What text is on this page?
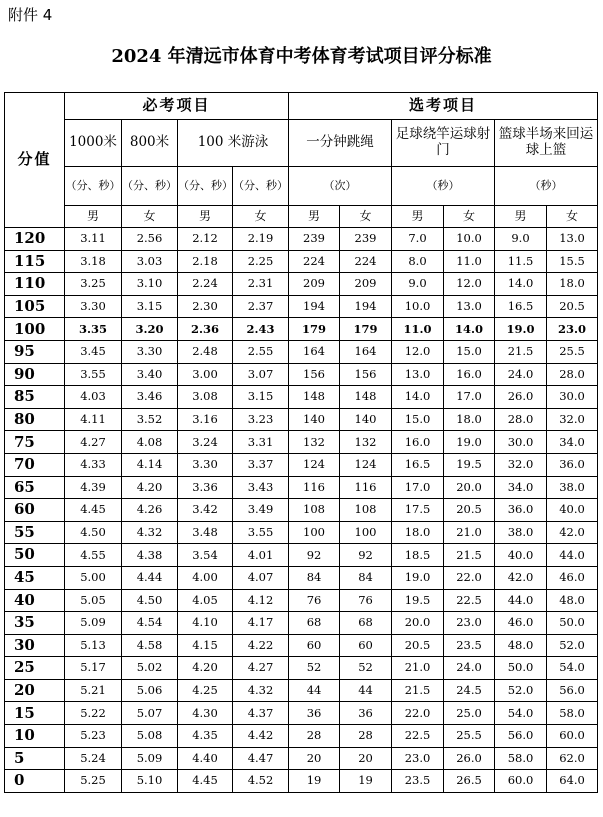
附件 4
2024 年清远市体育中考体育考试项目评分标准
分值	必考项目				选考项目					
	1000米	800米	100 米游泳		一分钟跳绳		足球绕竿运球射门		篮球半场来回运球上篮	
	（分、秒）	（分、秒）	（分、秒）	（分、秒）	（次）		（秒）		（秒）	
	男	女	男	女	男	女	男	女	男	女
120	3.11	2.56	2.12	2.19	239	239	7.0	10.0	9.0	13.0
115	3.18	3.03	2.18	2.25	224	224	8.0	11.0	11.5	15.5
110	3.25	3.10	2.24	2.31	209	209	9.0	12.0	14.0	18.0
105	3.30	3.15	2.30	2.37	194	194	10.0	13.0	16.5	20.5
100	3.35	3.20	2.36	2.43	179	179	11.0	14.0	19.0	23.0
95	3.45	3.30	2.48	2.55	164	164	12.0	15.0	21.5	25.5
90	3.55	3.40	3.00	3.07	156	156	13.0	16.0	24.0	28.0
85	4.03	3.46	3.08	3.15	148	148	14.0	17.0	26.0	30.0
80	4.11	3.52	3.16	3.23	140	140	15.0	18.0	28.0	32.0
75	4.27	4.08	3.24	3.31	132	132	16.0	19.0	30.0	34.0
70	4.33	4.14	3.30	3.37	124	124	16.5	19.5	32.0	36.0
65	4.39	4.20	3.36	3.43	116	116	17.0	20.0	34.0	38.0
60	4.45	4.26	3.42	3.49	108	108	17.5	20.5	36.0	40.0
55	4.50	4.32	3.48	3.55	100	100	18.0	21.0	38.0	42.0
50	4.55	4.38	3.54	4.01	92	92	18.5	21.5	40.0	44.0
45	5.00	4.44	4.00	4.07	84	84	19.0	22.0	42.0	46.0
40	5.05	4.50	4.05	4.12	76	76	19.5	22.5	44.0	48.0
35	5.09	4.54	4.10	4.17	68	68	20.0	23.0	46.0	50.0
30	5.13	4.58	4.15	4.22	60	60	20.5	23.5	48.0	52.0
25	5.17	5.02	4.20	4.27	52	52	21.0	24.0	50.0	54.0
20	5.21	5.06	4.25	4.32	44	44	21.5	24.5	52.0	56.0
15	5.22	5.07	4.30	4.37	36	36	22.0	25.0	54.0	58.0
10	5.23	5.08	4.35	4.42	28	28	22.5	25.5	56.0	60.0
5	5.24	5.09	4.40	4.47	20	20	23.0	26.0	58.0	62.0
0	5.25	5.10	4.45	4.52	19	19	23.5	26.5	60.0	64.0
